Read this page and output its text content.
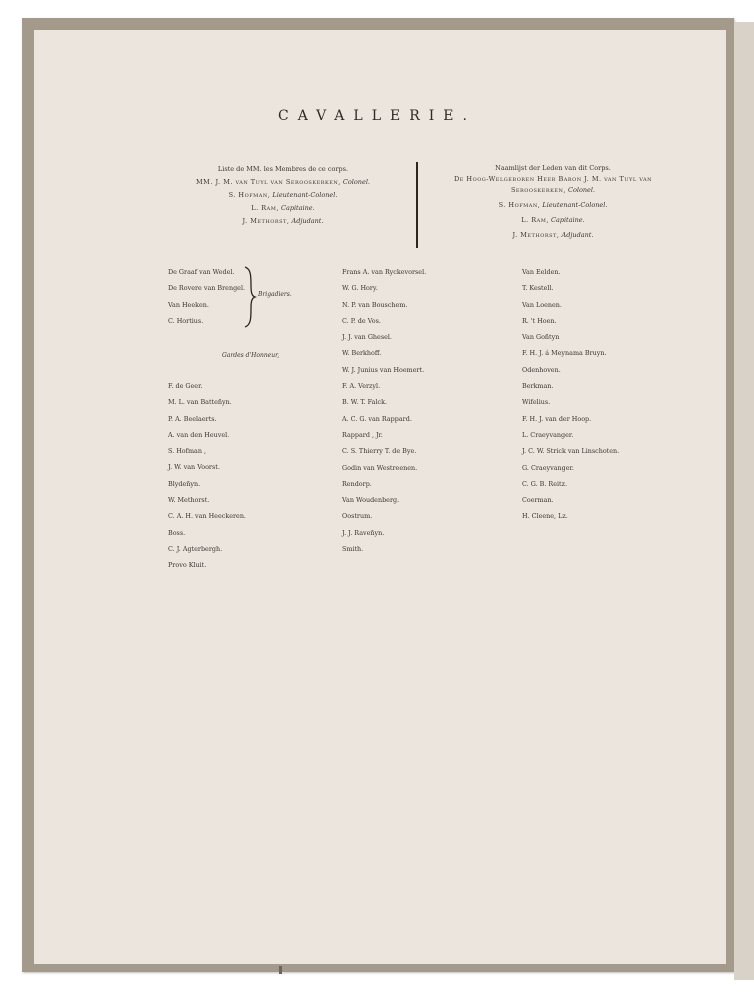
CAVALLERIE.
Liste de MM. les Membres de ce corps.
MM. J. M. van Tuyl van Serooskerken, Colonel.
S. Hofman, Lieutenant-Colonel.
L. Ram, Capitaine.
J. Methorst, Adjudant.
Naamlijst der Leden van dit Corps.
De Hoog-Welgeboren Heer Baron J. M. van Tuyl van
Serooskerken, Colonel.
S. Hofman, Lieutenant-Colonel.
L. Ram, Capitaine.
J. Methorst, Adjudant.
De Graaf van Wedel.
De Rovere van Brengel.
Van Heeken.
C. Hortius.
Brigadiers.
Gardes d'Honneur,
F. de Geer.
M. L. van Batteñyn.
P. A. Beelaerts.
A. van den Heuvel.
S. Hofman ,
J. W. van Voorst.
Blydeñyn.
W. Methorst.
C. A. H. van Heeckeren.
Boss.
C. J. Agterbergh.
Provo Kluit.
Frans A. van Ryckevorsel.
W. G. Hory.
N. P. van Bouschem.
C. P. de Vos.
J. J. van Ghesel.
W. Berkhoff.
W. J. Junius van Hoemert.
F. A. Verzyl.
B. W. T. Falck.
A. C. G. van Rappard.
Rappard , Jr.
C. S. Thierry T. de Bye.
Godin van Westreenen.
Rendorp.
Van Woudenberg.
Oostrum.
J. J. Raveñyn.
Smith.
Van Eelden.
T. Kestell.
Van Loenen.
R. 't Hoen.
Van Goñtyn
F. H. J. á Meynama Bruyn.
Odenhoven.
Berkman.
Wifelius.
F. H. J. van der Hoop.
L. Craeyvanger.
J. C. W. Strick van Linschoten.
G. Craeyvanger.
C. G. B. Reitz.
Coerman.
H. Cleene, Lz.
